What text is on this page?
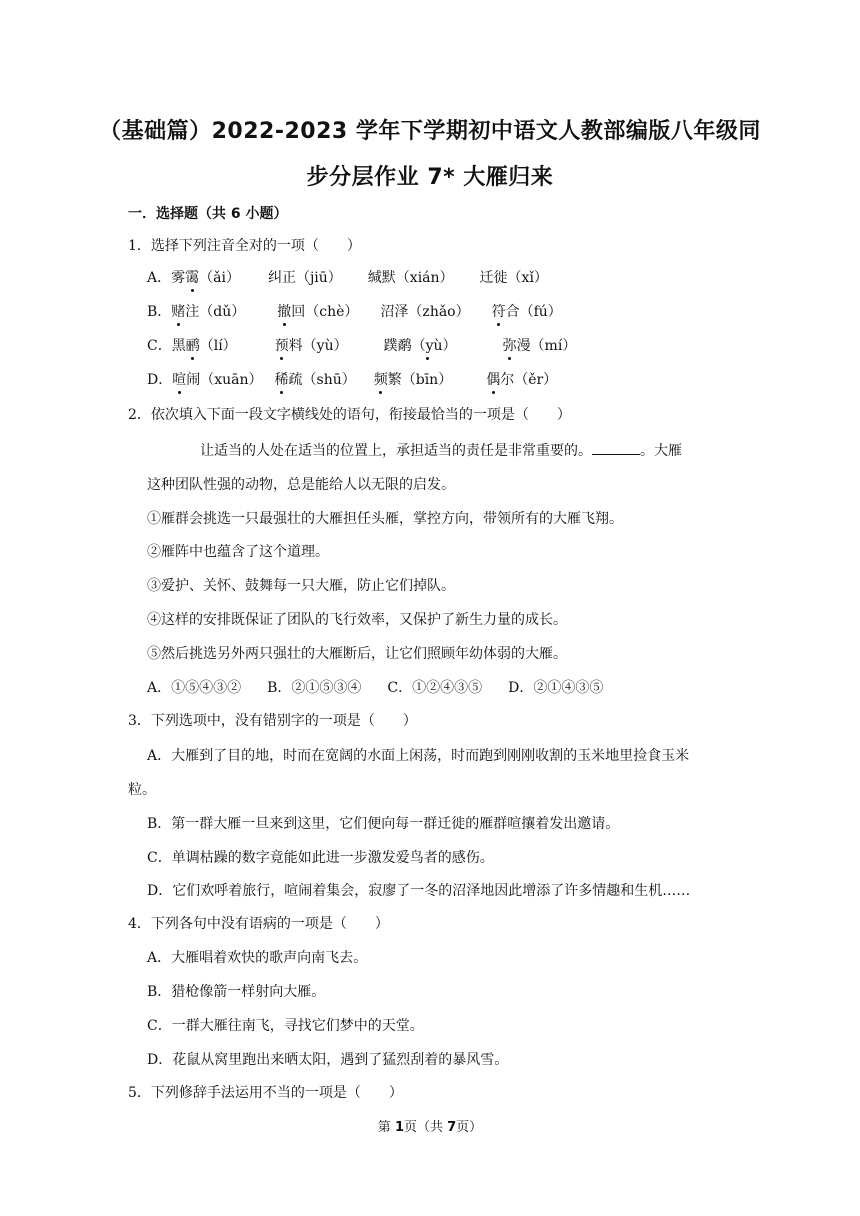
（基础篇）2022-2023 学年下学期初中语文人教部编版八年级同
步分层作业 7* 大雁归来
一．选择题（共 6 小题）
1．选择下列注音全对的一项（　　）
A．雾霭（ǎi） 纠正（jiū） 缄默（xián） 迁徙（xǐ）
B．赌注（dǔ） 撤回（chè） 沼泽（zhǎo） 符合（fú）
C．黑鹂（lí）	预料（yù）	蹼鹬（yù）	弥漫（mí）
D．喧闹（xuān） 稀疏（shū） 频繁（bīn） 偶尔（ěr）
2．依次填入下面一段文字横线处的语句，衔接最恰当的一项是（　　）
让适当的人处在适当的位置上，承担适当的责任是非常重要的。	。大雁
这种团队性强的动物，总是能给人以无限的启发。
①雁群会挑选一只最强壮的大雁担任头雁，掌控方向，带领所有的大雁飞翔。
②雁阵中也蕴含了这个道理。
③爱护、关怀、鼓舞每一只大雁，防止它们掉队。
④这样的安排既保证了团队的飞行效率，又保护了新生力量的成长。
⑤然后挑选另外两只强壮的大雁断后，让它们照顾年幼体弱的大雁。
A．①⑤④③② B．②①⑤③④ C．①②④③⑤ D．②①④③⑤
3．下列选项中，没有错别字的一项是（　　）
A．大雁到了目的地，时而在宽阔的水面上闲荡，时而跑到刚刚收割的玉米地里捡食玉米
粒。
B．第一群大雁一旦来到这里，它们便向每一群迁徙的雁群喧攘着发出邀请。
C．单调枯躁的数字竟能如此进一步激发爱鸟者的感伤。
D．它们欢呼着旅行，喧闹着集会，寂廖了一冬的沼泽地因此增添了许多情趣和生机……
4．下列各句中没有语病的一项是（　　）
A．大雁唱着欢快的歌声向南飞去。
B．猎枪像箭一样射向大雁。
C．一群大雁往南飞，寻找它们梦中的天堂。
D．花鼠从窝里跑出来晒太阳，遇到了猛烈刮着的暴风雪。
5．下列修辞手法运用不当的一项是（　　）
第 1页（共 7页）
